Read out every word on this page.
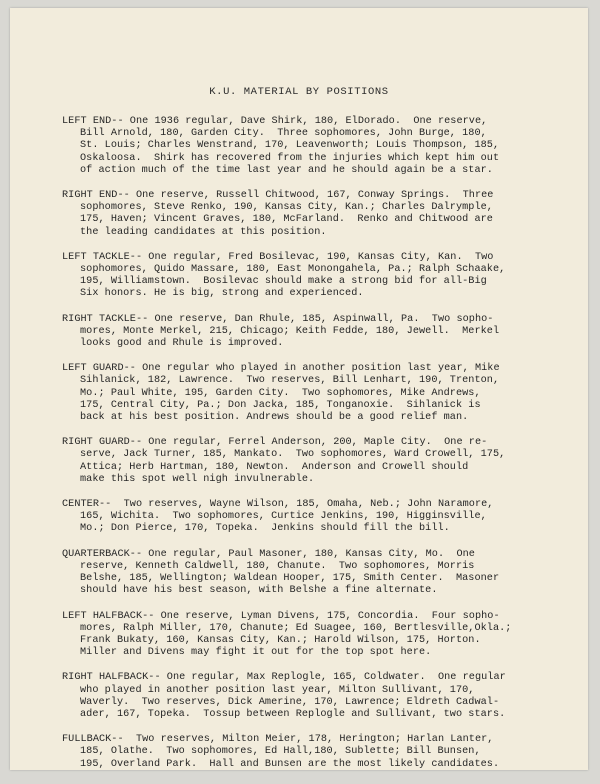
K.U. MATERIAL BY POSITIONS
LEFT END-- One 1936 regular, Dave Shirk, 180, ElDorado.  One reserve,
Bill Arnold, 180, Garden City.  Three sophomores, John Burge, 180,
St. Louis; Charles Wenstrand, 170, Leavenworth; Louis Thompson, 185,
Oskaloosa.  Shirk has recovered from the injuries which kept him out
of action much of the time last year and he should again be a star.
RIGHT END-- One reserve, Russell Chitwood, 167, Conway Springs.  Three
sophomores, Steve Renko, 190, Kansas City, Kan.; Charles Dalrymple,
175, Haven; Vincent Graves, 180, McFarland.  Renko and Chitwood are
the leading candidates at this position.
LEFT TACKLE-- One regular, Fred Bosilevac, 190, Kansas City, Kan.  Two
sophomores, Quido Massare, 180, East Monongahela, Pa.; Ralph Schaake,
195, Williamstown.  Bosilevac should make a strong bid for all-Big
Six honors. He is big, strong and experienced.
RIGHT TACKLE-- One reserve, Dan Rhule, 185, Aspinwall, Pa.  Two sopho-
mores, Monte Merkel, 215, Chicago; Keith Fedde, 180, Jewell.  Merkel
looks good and Rhule is improved.
LEFT GUARD-- One regular who played in another position last year, Mike
Sihlanick, 182, Lawrence.  Two reserves, Bill Lenhart, 190, Trenton,
Mo.; Paul White, 195, Garden City.  Two sophomores, Mike Andrews,
175, Central City, Pa.; Don Jacka, 185, Tonganoxie.  Sihlanick is
back at his best position. Andrews should be a good relief man.
RIGHT GUARD-- One regular, Ferrel Anderson, 200, Maple City.  One re-
serve, Jack Turner, 185, Mankato.  Two sophomores, Ward Crowell, 175,
Attica; Herb Hartman, 180, Newton.  Anderson and Crowell should
make this spot well nigh invulnerable.
CENTER--  Two reserves, Wayne Wilson, 185, Omaha, Neb.; John Naramore,
165, Wichita.  Two sophomores, Curtice Jenkins, 190, Higginsville,
Mo.; Don Pierce, 170, Topeka.  Jenkins should fill the bill.
QUARTERBACK-- One regular, Paul Masoner, 180, Kansas City, Mo.  One
reserve, Kenneth Caldwell, 180, Chanute.  Two sophomores, Morris
Belshe, 185, Wellington; Waldean Hooper, 175, Smith Center.  Masoner
should have his best season, with Belshe a fine alternate.
LEFT HALFBACK-- One reserve, Lyman Divens, 175, Concordia.  Four sopho-
mores, Ralph Miller, 170, Chanute; Ed Suagee, 160, Bertlesville,Okla.;
Frank Bukaty, 160, Kansas City, Kan.; Harold Wilson, 175, Horton.
Miller and Divens may fight it out for the top spot here.
RIGHT HALFBACK-- One regular, Max Replogle, 165, Coldwater.  One regular
who played in another position last year, Milton Sullivant, 170,
Waverly.  Two reserves, Dick Amerine, 170, Lawrence; Eldreth Cadwal-
ader, 167, Topeka.  Tossup between Replogle and Sullivant, two stars.
FULLBACK--  Two reserves, Milton Meier, 178, Herington; Harlan Lanter,
185, Olathe.  Two sophomores, Ed Hall,180, Sublette; Bill Bunsen,
195, Overland Park.  Hall and Bunsen are the most likely candidates.
